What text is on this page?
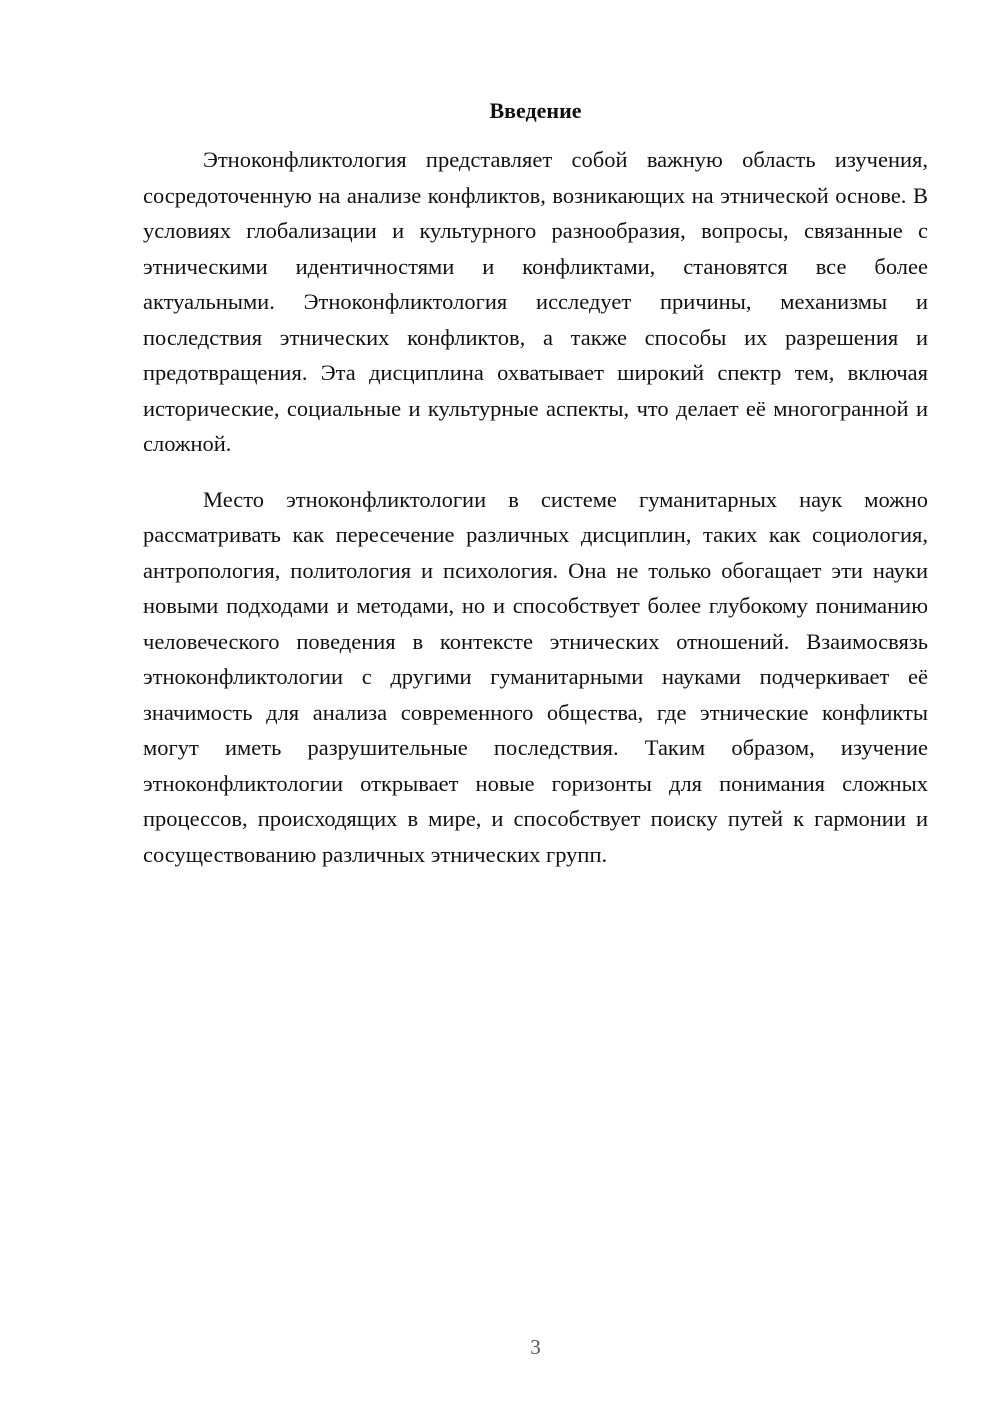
Введение

Этноконфликтология представляет собой важную область изучения, сосредоточенную на анализе конфликтов, возникающих на этнической основе. В условиях глобализации и культурного разнообразия, вопросы, связанные с этническими идентичностями и конфликтами, становятся все более актуальными. Этноконфликтология исследует причины, механизмы и последствия этнических конфликтов, а также способы их разрешения и предотвращения. Эта дисциплина охватывает широкий спектр тем, включая исторические, социальные и культурные аспекты, что делает её многогранной и сложной.

Место этноконфликтологии в системе гуманитарных наук можно рассматривать как пересечение различных дисциплин, таких как социология, антропология, политология и психология. Она не только обогащает эти науки новыми подходами и методами, но и способствует более глубокому пониманию человеческого поведения в контексте этнических отношений. Взаимосвязь этноконфликтологии с другими гуманитарными науками подчеркивает её значимость для анализа современного общества, где этнические конфликты могут иметь разрушительные последствия. Таким образом, изучение этноконфликтологии открывает новые горизонты для понимания сложных процессов, происходящих в мире, и способствует поиску путей к гармонии и сосуществованию различных этнических групп.

3
